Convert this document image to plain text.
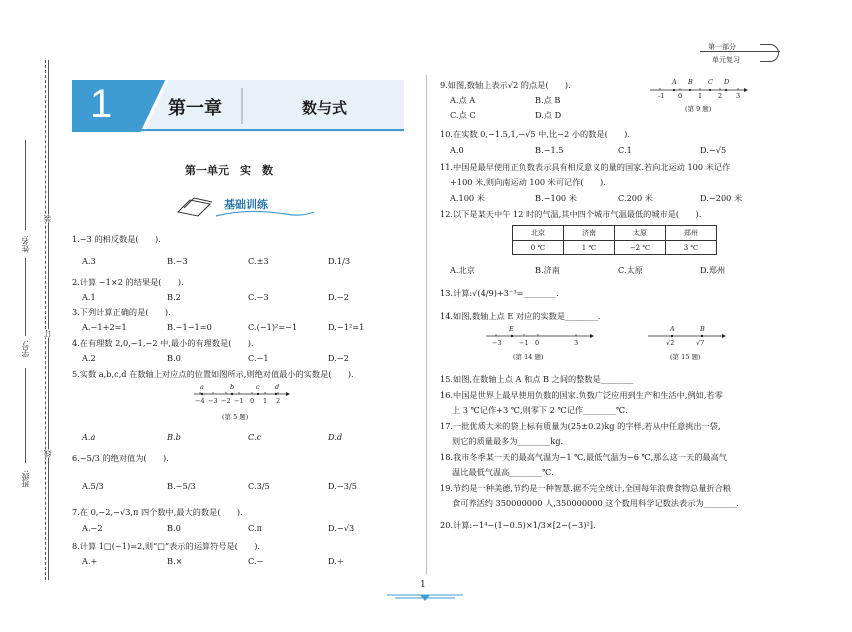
第一部分
单元复习
姓名:
学号:
班级:
装
订
线
1	第一章	数与式
第一单元　实　数
基础训练
1.−3 的相反数是(　　).
A.3	B.−3	C.±3	D.1/3
2.计算 −1×2 的结果是(　　).
A.1	B.2	C.−3	D.−2
3.下列计算正确的是(　　).
A.−1+2=1	B.−1−1=0	C.(−1)²=−1	D.−1²=1
4.在有理数 2,0,−1,−2 中,最小的有理数是(　　).
A.2	B.0	C.−1	D.−2
5.实数 a,b,c,d 在数轴上对应点的位置如图所示,则绝对值最小的实数是(　　).
a	b	c d
−4 −3 −2 −1 0 1 2
(第 5 题)
A.a	B.b	C.c	D.d
6.−5/3 的绝对值为(　　).
A.5/3	B.−5/3	C.3/5	D.−3/5
7.在 0,−2,−√3,π 四个数中,最大的数是(　　).
A.−2	B.0	C.π	D.−√3
8.计算 1□(−1)=2,则“□”表示的运算符号是(　　).
A.+	B.×	C.−	D.÷
9.如图,数轴上表示√2 的点是(　　).
A.点 A	B.点 B
C.点 C	D.点 D
A B C D
-1 0 1 2 3
(第 9 题)
10.在实数 0,−1.5,1,−√5 中,比−2 小的数是(　　).
A.0	B.−1.5	C.1	D.−√5
11.中国是最早使用正负数表示具有相反意义的量的国家.若向北运动 100 米记作
+100 米,则向南运动 100 米可记作(　　).
A.100 米	B.−100 米	C.200 米	D.−200 米
12.以下是某天中午 12 时的气温,其中四个城市气温最低的城市是(　　).
北京	济南	太原	郑州
0 ℃	1 ℃	−2 ℃	3 ℃
A.北京	B.济南	C.太原	D.郑州
13.计算:√(4/9)+3⁻³=________.
14.如图,数轴上点 E 对应的实数是________.
E
−3	−1 0	3
(第 14 题)
A	B
√2	√7
(第 15 题)
15.如图,在数轴上点 A 和点 B 之间的整数是________
16.中国是世界上最早使用负数的国家.负数广泛应用到生产和生活中,例如,若零
上 3 ℃记作+3 ℃,则零下 2 ℃记作________℃.
17.一批优质大米的袋上标有质量为(25±0.2)kg 的字样,若从中任意挑出一袋,
则它的质量最多为________kg.
18.我市冬季某一天的最高气温为−1 ℃,最低气温为−6 ℃,那么这一天的最高气
温比最低气温高________℃.
19.节约是一种美德,节约是一种智慧.据不完全统计,全国每年浪费食物总量折合粮
食可养活约 350000000 人,350000000 这个数用科学记数法表示为________.
20.计算:−1⁴−(1−0.5)×1/3×[2−(−3)²].
1
